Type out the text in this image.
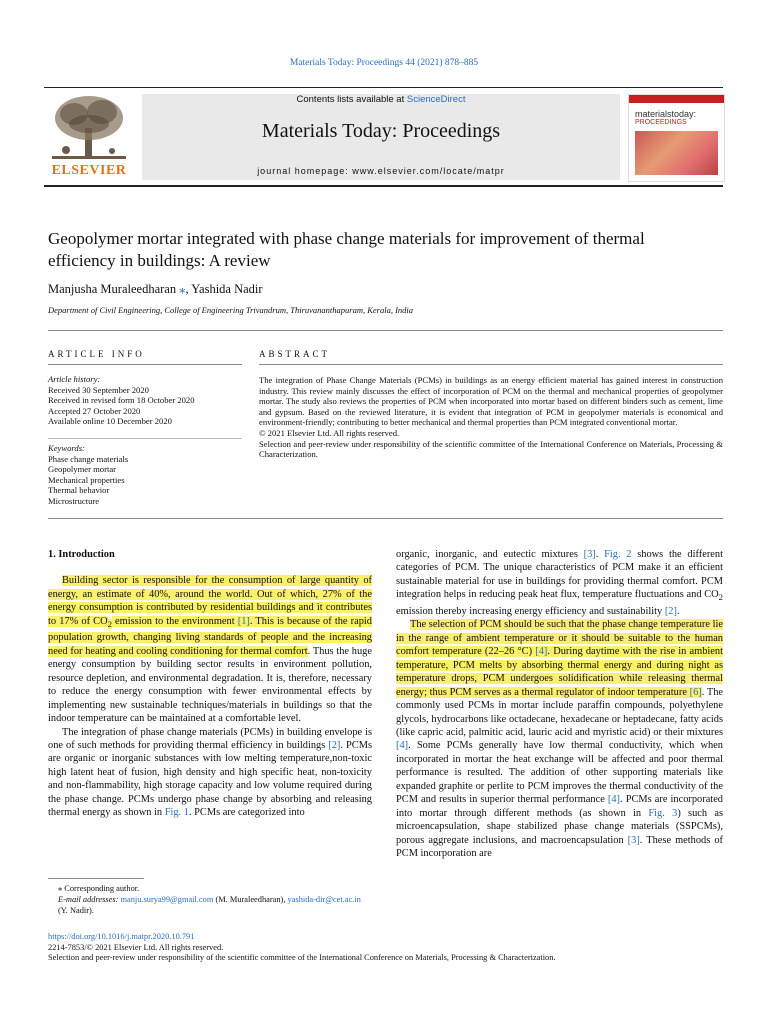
Materials Today: Proceedings 44 (2021) 878–885
ELSEVIER
Contents lists available at ScienceDirect
Materials Today: Proceedings
journal homepage: www.elsevier.com/locate/matpr
materialstoday:
PROCEEDINGS
Geopolymer mortar integrated with phase change materials for improvement of thermal efficiency in buildings: A review
Manjusha Muraleedharan ⁎, Yashida Nadir
Department of Civil Engineering, College of Engineering Trivandrum, Thiruvananthapuram, Kerala, India
ARTICLE INFO	ABSTRACT
Article history:
Received 30 September 2020
Received in revised form 18 October 2020
Accepted 27 October 2020
Available online 10 December 2020
Keywords:
Phase change materials
Geopolymer mortar
Mechanical properties
Thermal behavior
Microstructure
The integration of Phase Change Materials (PCMs) in buildings as an energy efficient material has gained interest in construction industry. This review mainly discusses the effect of incorporation of PCM on the thermal and mechanical properties of geopolymer mortar. The study also reviews the properties of PCM when incorporated into mortar based on different binders such as cement, lime and gypsum. Based on the reviewed literature, it is evident that integration of PCM in geopolymer materials is economical and environment-friendly; contributing to better mechanical and thermal properties than PCM integrated conventional mortar.
© 2021 Elsevier Ltd. All rights reserved.
Selection and peer-review under responsibility of the scientific committee of the International Conference on Materials, Processing & Characterization.
1. Introduction

Building sector is responsible for the consumption of large quantity of energy, an estimate of 40%, around the world. Out of which, 27% of the energy consumption is contributed by residential buildings and it contributes to 17% of $CO_2$ emission to the environment [1]. This is because of the rapid population growth, changing living standards of people and the increasing need for heating and cooling conditioning for thermal comfort. Thus the huge energy consumption by building sector results in environment pollution, resource depletion, and environmental degradation. It is, therefore, necessary to reduce the energy consumption with fewer environmental effects by implementing new sustainable techniques/materials in buildings so that the indoor temperature can be maintained at a comfortable level.

The integration of phase change materials (PCMs) in building envelope is one of such methods for providing thermal efficiency in buildings [2]. PCMs are organic or inorganic substances with low melting temperature,non-toxic high latent heat of fusion, high density and high specific heat, non-toxicity and non-flammability, high storage capacity and low volume required during the phase change. PCMs undergo phase change by absorbing and releasing thermal energy as shown in Fig. 1. PCMs are categorized into

organic, inorganic, and eutectic mixtures [3]. Fig. 2 shows the different categories of PCM. The unique characteristics of PCM make it an efficient sustainable material for use in buildings for providing thermal comfort. PCM integration helps in reducing peak heat flux, temperature fluctuations and $CO_2$ emission thereby increasing energy efficiency and sustainability [2].

The selection of PCM should be such that the phase change temperature lie in the range of ambient temperature or it should be suitable to the human comfort temperature (22–26 °C) [4]. During daytime with the rise in ambient temperature, PCM melts by absorbing thermal energy and during night as temperature drops, PCM undergoes solidification while releasing thermal energy; thus PCM serves as a thermal regulator of indoor temperature [6]. The commonly used PCMs in mortar include paraffin compounds, polyethylene glycols, hydrocarbons like octadecane, hexadecane or heptadecane, fatty acids (like capric acid, palmitic acid, lauric acid and myristic acid) or their mixtures [4]. Some PCMs generally have low thermal conductivity, which when incorporated in mortar the heat exchange will be affected and poor thermal performance is resulted. The addition of other supporting materials like expanded graphite or perlite to PCM improves the thermal conductivity of the PCM and results in superior thermal performance [4]. PCMs are incorporated into mortar through different methods (as shown in Fig. 3) such as microencapsulation, shape stabilized phase change materials (SSPCMs), porous aggregate inclusions, and macroencapsulation [3]. These methods of PCM incorporation are

⁎ Corresponding author.
E-mail addresses: manju.surya99@gmail.com (M. Muraleedharan), yashida-dir@cet.ac.in (Y. Nadir).
https://doi.org/10.1016/j.matpr.2020.10.791
2214-7853/© 2021 Elsevier Ltd. All rights reserved.
Selection and peer-review under responsibility of the scientific committee of the International Conference on Materials, Processing & Characterization.
